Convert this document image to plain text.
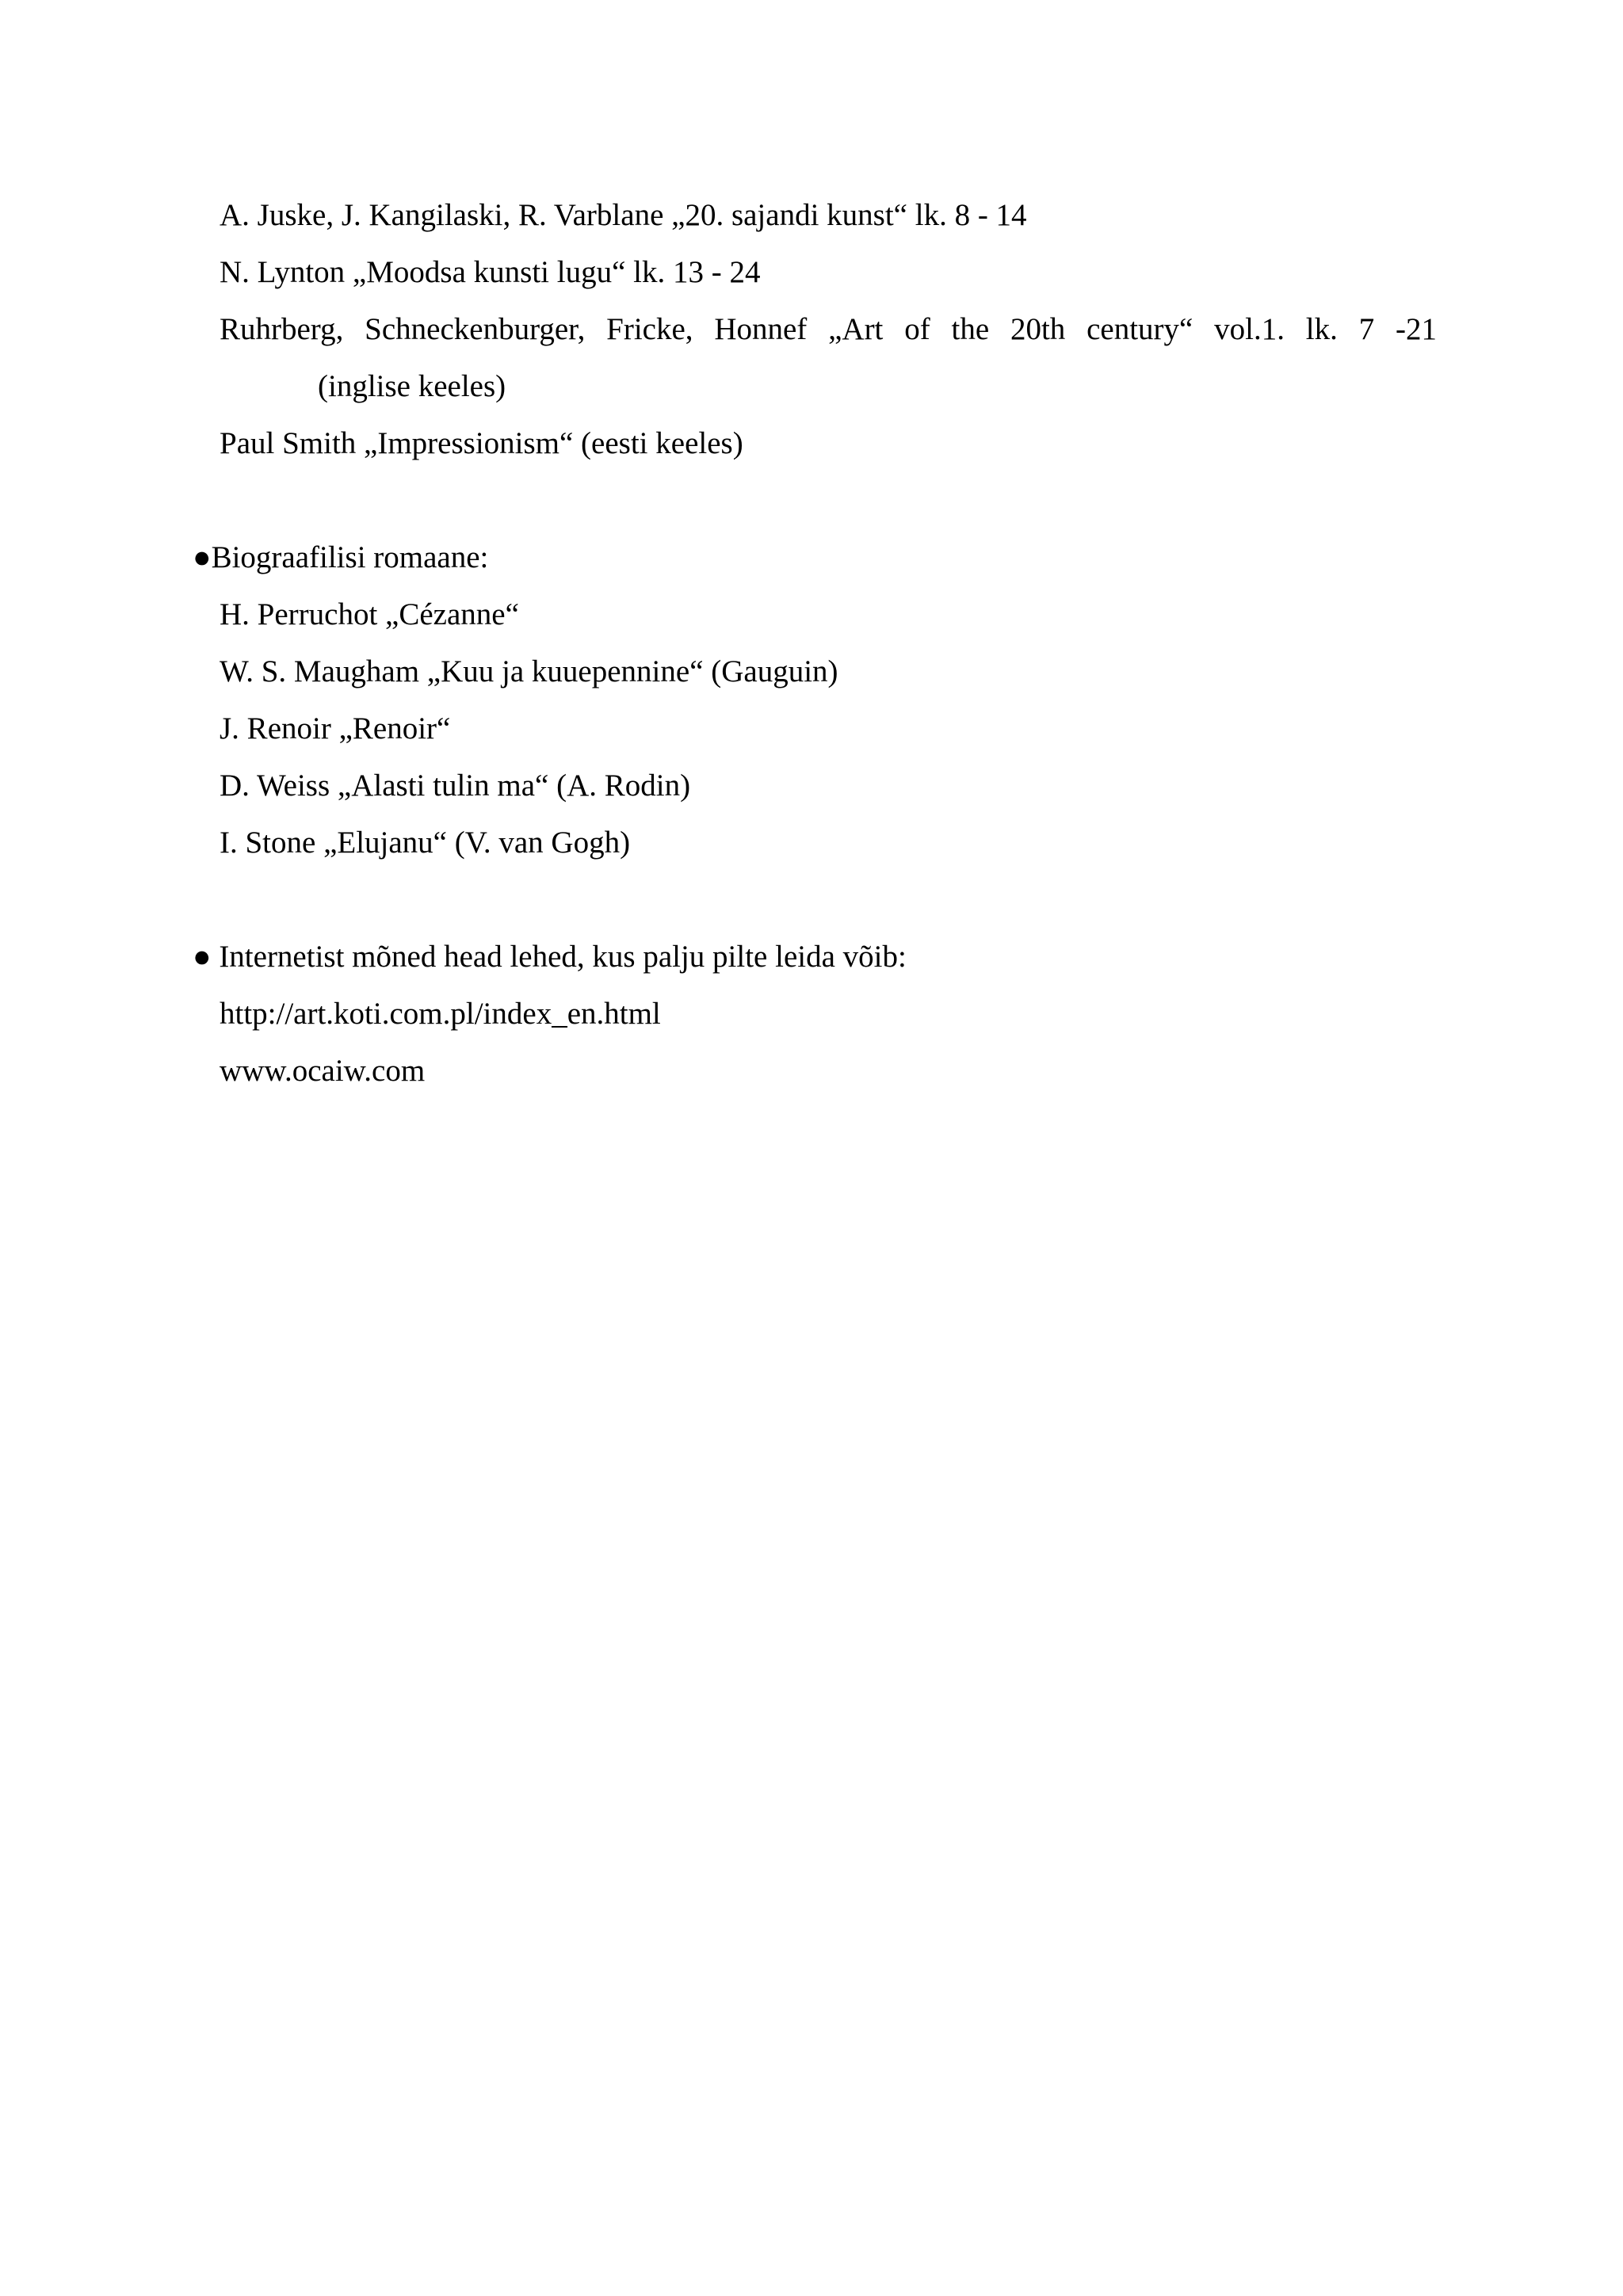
A. Juske, J. Kangilaski, R. Varblane „20. sajandi kunst“ lk. 8 - 14
N. Lynton „Moodsa kunsti lugu“ lk. 13 - 24
Ruhrberg, Schneckenburger, Fricke, Honnef „Art of the 20th century“ vol.1. lk. 7 -21
(inglise keeles)
Paul Smith „Impressionism“ (eesti keeles)
●Biograafilisi romaane:
H. Perruchot „Cézanne“
W. S. Maugham „Kuu ja kuuepennine“ (Gauguin)
J. Renoir „Renoir“
D. Weiss „Alasti tulin ma“ (A. Rodin)
I. Stone „Elujanu“ (V. van Gogh)
● Internetist mõned head lehed, kus palju pilte leida võib:
http://art.koti.com.pl/index_en.html
www.ocaiw.com
